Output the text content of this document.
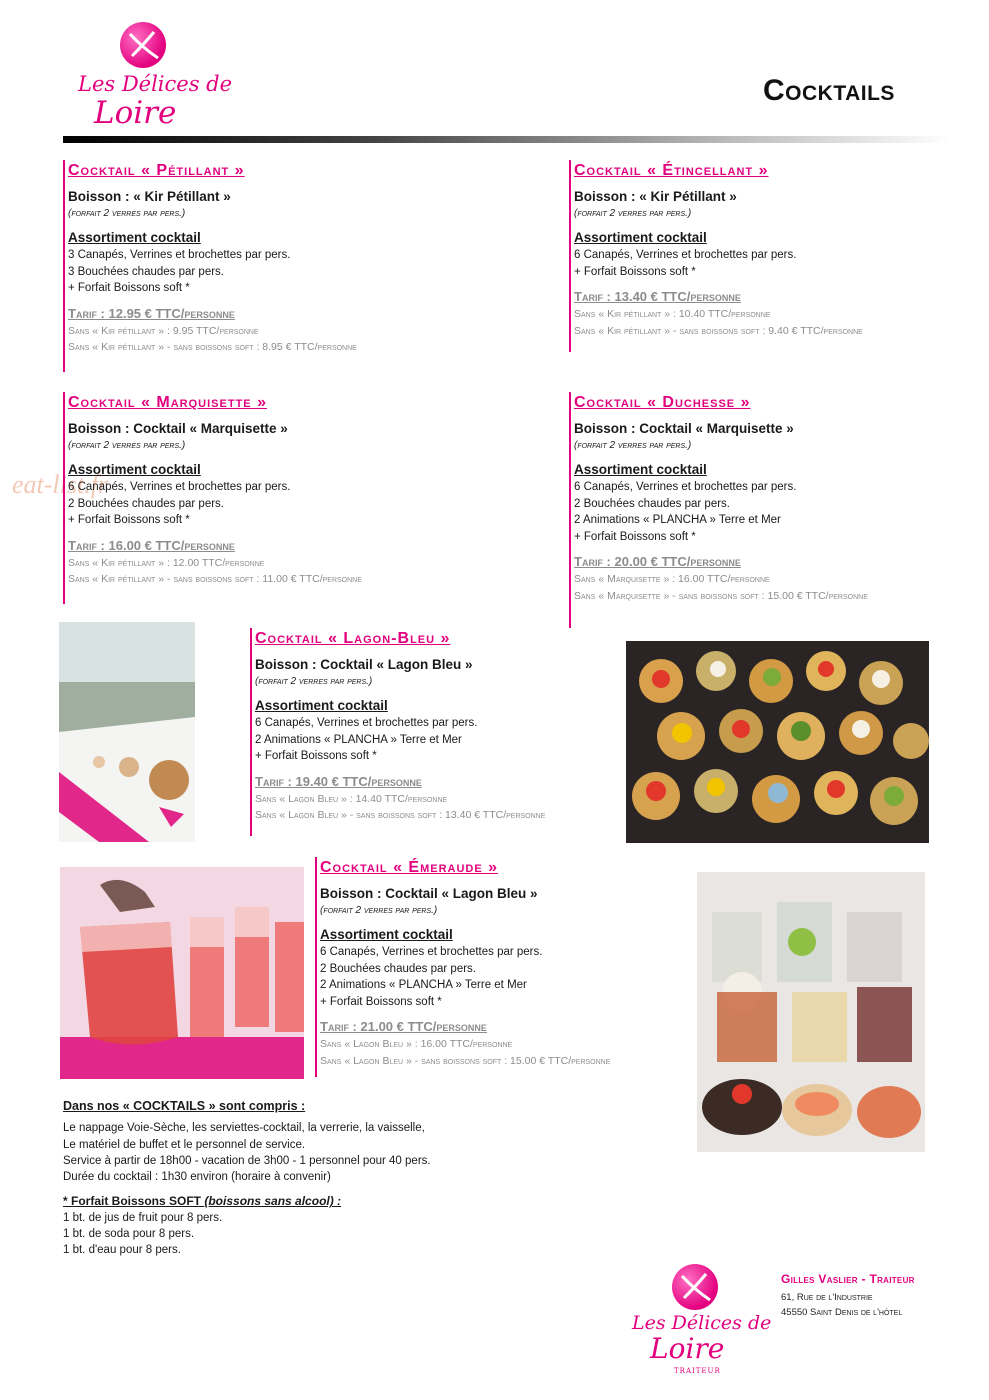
Les Délices de
Loire
Cocktails
eat-list.fr
Cocktail « Pétillant »
Boisson : « Kir Pétillant »
(forfait 2 verres par pers.)
Assortiment cocktail
3 Canapés, Verrines et brochettes par pers.
3 Bouchées chaudes par pers.
+ Forfait Boissons soft *
Tarif : 12.95 € TTC/personne
Sans « Kir pétillant » : 9.95 TTC/personne
Sans « Kir pétillant » - sans boissons soft : 8.95 € TTC/personne
Cocktail « Étincellant »
Boisson : « Kir Pétillant »
(forfait 2 verres par pers.)
Assortiment cocktail
6 Canapés, Verrines et brochettes par pers.
+ Forfait Boissons soft *
Tarif : 13.40 € TTC/personne
Sans « Kir pétillant » : 10.40 TTC/personne
Sans « Kir pétillant » - sans boissons soft : 9.40 € TTC/personne
Cocktail « Marquisette »
Boisson : Cocktail « Marquisette »
(forfait 2 verres par pers.)
Assortiment cocktail
6 Canapés, Verrines et brochettes par pers.
2 Bouchées chaudes par pers.
+ Forfait Boissons soft *
Tarif : 16.00 € TTC/personne
Sans « Kir pétillant » : 12.00 TTC/personne
Sans « Kir pétillant » - sans boissons soft : 11.00 € TTC/personne
Cocktail « Duchesse »
Boisson : Cocktail « Marquisette »
(forfait 2 verres par pers.)
Assortiment cocktail
6 Canapés, Verrines et brochettes par pers.
2 Bouchées chaudes par pers.
2 Animations « PLANCHA » Terre et Mer
+ Forfait Boissons soft *
Tarif : 20.00 € TTC/personne
Sans « Marquisette » : 16.00 TTC/personne
Sans « Marquisette » - sans boissons soft : 15.00 € TTC/personne
Cocktail « Lagon-Bleu »
Boisson : Cocktail « Lagon Bleu »
(forfait 2 verres par pers.)
Assortiment cocktail
6 Canapés, Verrines et brochettes par pers.
2 Animations « PLANCHA » Terre et Mer
+ Forfait Boissons soft *
Tarif : 19.40 € TTC/personne
Sans « Lagon Bleu » : 14.40 TTC/personne
Sans « Lagon Bleu » - sans boissons soft : 13.40 € TTC/personne
Cocktail « Émeraude »
Boisson : Cocktail « Lagon Bleu »
(forfait 2 verres par pers.)
Assortiment cocktail
6 Canapés, Verrines et brochettes par pers.
2 Bouchées chaudes par pers.
2 Animations « PLANCHA » Terre et Mer
+ Forfait Boissons soft *
Tarif : 21.00 € TTC/personne
Sans « Lagon Bleu » : 16.00 TTC/personne
Sans « Lagon Bleu » - sans boissons soft : 15.00 € TTC/personne
Dans nos « COCKTAILS » sont compris :
Le nappage Voie-Sèche, les serviettes-cocktail, la verrerie, la vaisselle,
Le matériel de buffet et le personnel de service.
Service à partir de 18h00 - vacation de 3h00 - 1 personnel pour 40 pers.
Durée du cocktail : 1h30 environ (horaire à convenir)
* Forfait Boissons SOFT (boissons sans alcool) :
1 bt. de jus de fruit pour 8 pers.
1 bt. de soda pour 8 pers.
1 bt. d'eau pour 8 pers.
Les Délices de
Loire
TRAITEUR
Gilles Vaslier - Traiteur
61, Rue de l'Industrie
45550 Saint Denis de l'hôtel
